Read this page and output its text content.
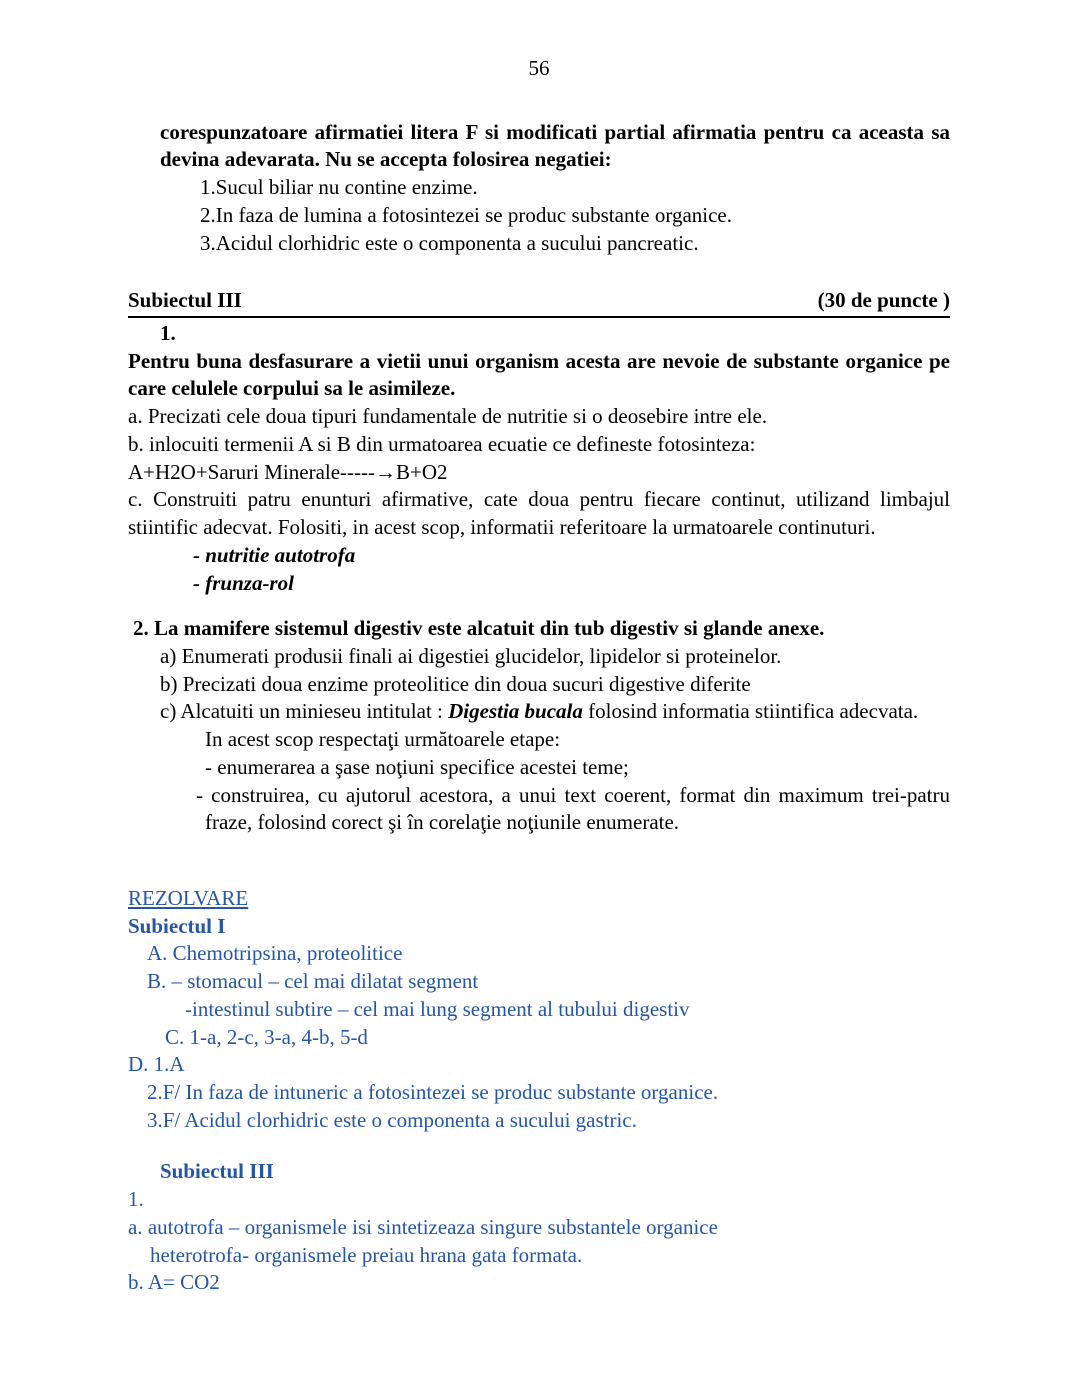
56

corespunzatoare afirmatiei litera F si modificati partial afirmatia pentru ca aceasta sa devina adevarata. Nu se accepta folosirea negatiei:

1.Sucul biliar nu contine enzime.

2.In faza de lumina a fotosintezei se produc substante organice.

3.Acidul clorhidric este o componenta a sucului pancreatic.

Subiectul III	(30 de puncte )

1.

Pentru buna desfasurare a vietii unui organism acesta are nevoie de substante organice pe care celulele corpului sa le asimileze.

a. Precizati cele doua tipuri fundamentale de nutritie si o deosebire intre ele.

b. inlocuiti termenii A si B din urmatoarea ecuatie ce defineste fotosinteza:

A+H2O+Saruri Minerale-----→B+O2

c. Construiti patru enunturi afirmative, cate doua pentru fiecare continut, utilizand limbajul stiintific adecvat. Folositi, in acest scop, informatii referitoare la urmatoarele continuturi.

- nutritie autotrofa

- frunza-rol

2. La mamifere sistemul digestiv este alcatuit din tub digestiv si glande anexe.

a) Enumerati produsii finali ai digestiei glucidelor, lipidelor si proteinelor.

b) Precizati doua enzime proteolitice din doua sucuri digestive diferite

c) Alcatuiti un minieseu intitulat : Digestia bucala folosind informatia stiintifica adecvata.

In acest scop respectaţi următoarele etape:

- enumerarea a şase noţiuni specifice acestei teme;

- construirea, cu ajutorul acestora, a unui text coerent, format din maximum trei-patru fraze, folosind corect şi în corelaţie noţiunile enumerate.

REZOLVARE

Subiectul I

A. Chemotripsina, proteolitice

B. – stomacul – cel mai dilatat segment

-intestinul subtire – cel mai lung segment al tubului digestiv

C. 1-a, 2-c, 3-a, 4-b, 5-d

D. 1.A

2.F/ In faza de intuneric a fotosintezei se produc substante organice.

3.F/ Acidul clorhidric este o componenta a sucului gastric.

Subiectul III

1.

a. autotrofa – organismele isi sintetizeaza singure substantele organice

heterotrofa- organismele preiau hrana gata formata.

b. A= CO2
